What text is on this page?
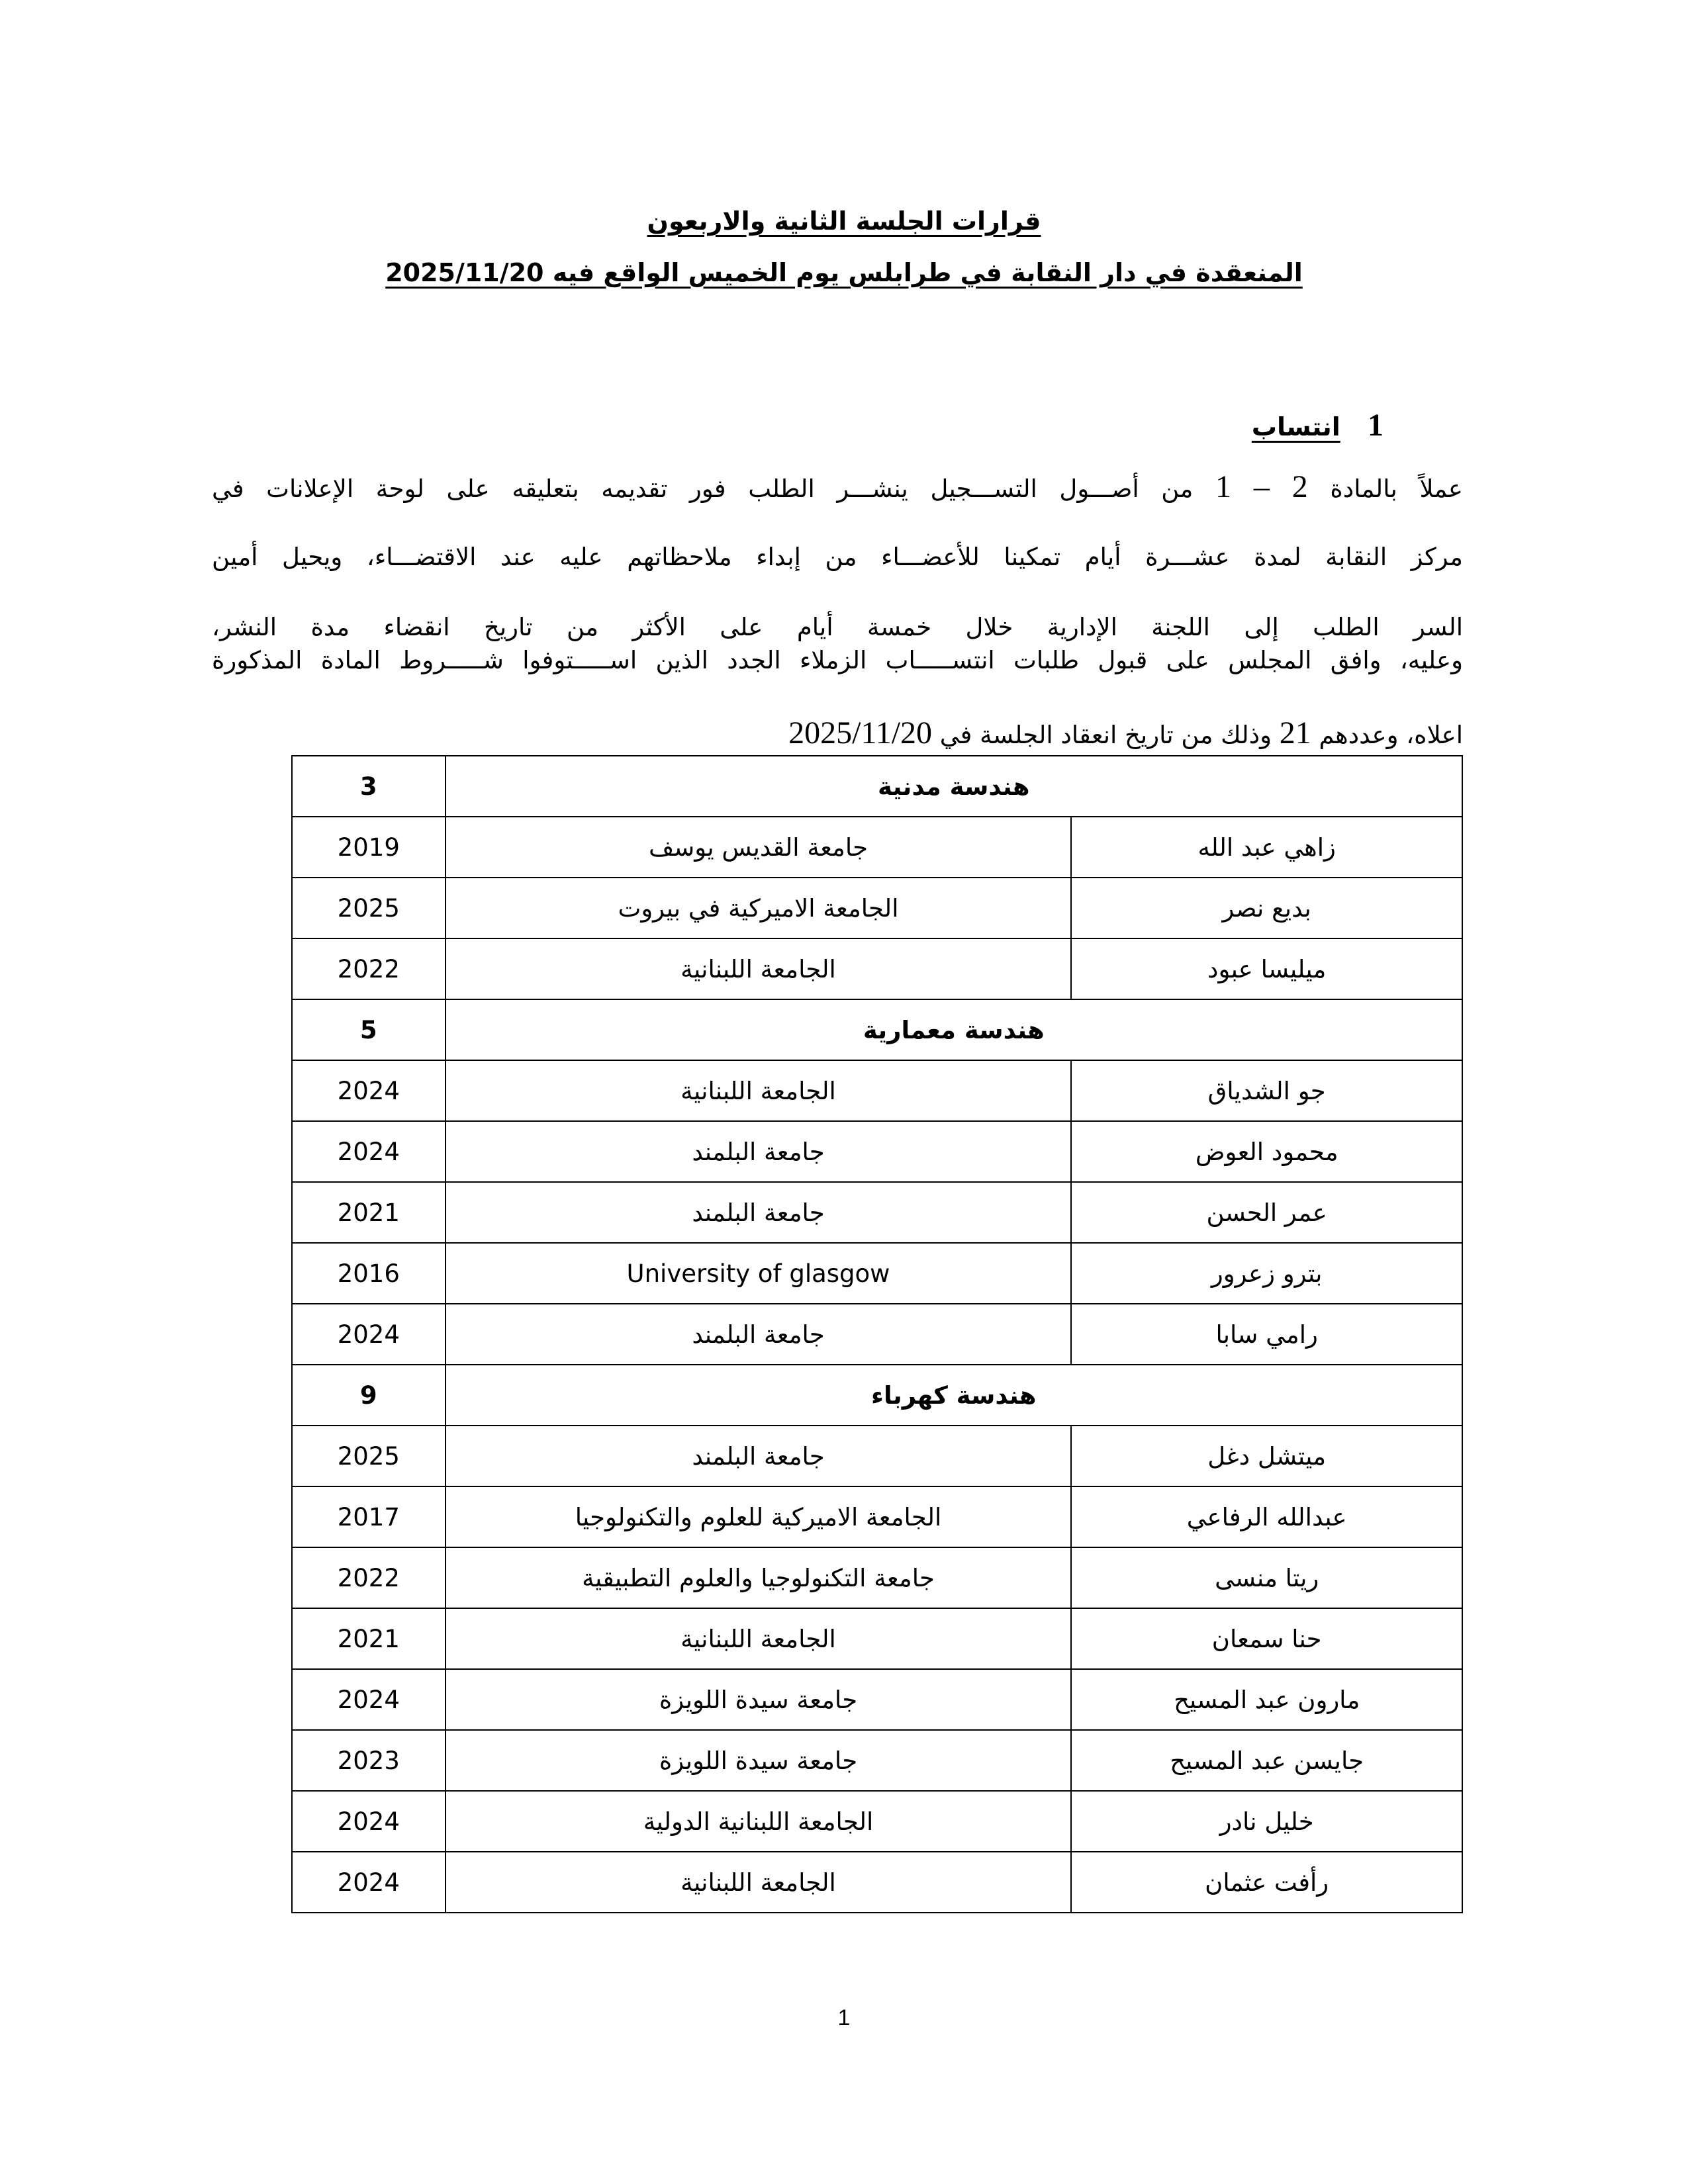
قرارات الجلسة الثانية والاربعون
المنعقدة في دار النقابة في طرابلس يوم الخميس الواقع فيه 2025/11/20
1 انتساب
عملاً بالمادة 2 – 1 من أصـــول التســـجيل ينشـــر الطلب فور تقديمه بتعليقه على لوحة الإعلانات في
مركز النقابة لمدة عشـــرة أيام تمكينا للأعضـــاء من إبداء ملاحظاتهم عليه عند الاقتضـــاء، ويحيل أمين
السر الطلب إلى اللجنة الإدارية خلال خمسة أيام على الأكثر من تاريخ انقضاء مدة النشر،
وعليه، وافق المجلس على قبول طلبات انتســـــاب الزملاء الجدد الذين اســـــتوفوا شـــــروط المادة المذكورة
اعلاه، وعددهم 21 وذلك من تاريخ انعقاد الجلسة في 2025/11/20
هندسة مدنية		3
زاهي عبد الله	جامعة القديس يوسف	2019
بديع نصر	الجامعة الاميركية في بيروت	2025
ميليسا عبود	الجامعة اللبنانية	2022
هندسة معمارية		5
جو الشدياق	الجامعة اللبنانية	2024
محمود العوض	جامعة البلمند	2024
عمر الحسن	جامعة البلمند	2021
بترو زعرور	University of glasgow	2016
رامي سابا	جامعة البلمند	2024
هندسة كهرباء		9
ميتشل دغل	جامعة البلمند	2025
عبدالله الرفاعي	الجامعة الاميركية للعلوم والتكنولوجيا	2017
ريتا منسى	جامعة التكنولوجيا والعلوم التطبيقية	2022
حنا سمعان	الجامعة اللبنانية	2021
مارون عبد المسيح	جامعة سيدة اللويزة	2024
جايسن عبد المسيح	جامعة سيدة اللويزة	2023
خليل نادر	الجامعة اللبنانية الدولية	2024
رأفت عثمان	الجامعة اللبنانية	2024
1
